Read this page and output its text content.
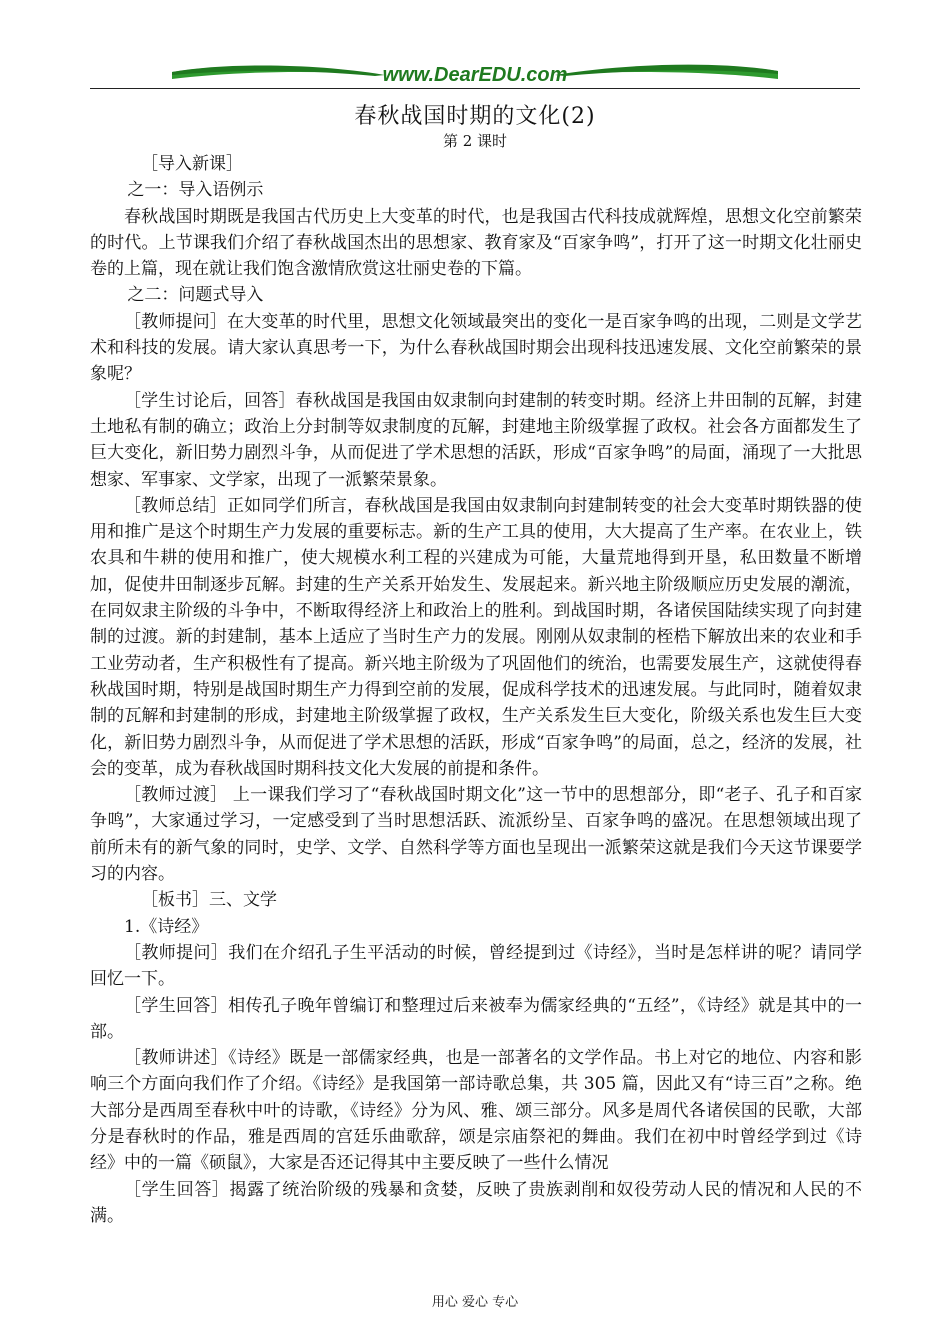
www.DearEDU.com
春秋战国时期的文化(2)
第 2 课时

［导入新课］

之一：导入语例示

春秋战国时期既是我国古代历史上大变革的时代，也是我国古代科技成就辉煌，思想文化空前繁荣的时代。上节课我们介绍了春秋战国杰出的思想家、教育家及“百家争鸣”，打开了这一时期文化壮丽史卷的上篇，现在就让我们饱含激情欣赏这壮丽史卷的下篇。

之二：问题式导入

［教师提问］在大变革的时代里，思想文化领域最突出的变化一是百家争鸣的出现，二则是文学艺术和科技的发展。请大家认真思考一下，为什么春秋战国时期会出现科技迅速发展、文化空前繁荣的景象呢？

［学生讨论后，回答］春秋战国是我国由奴隶制向封建制的转变时期。经济上井田制的瓦解，封建土地私有制的确立；政治上分封制等奴隶制度的瓦解，封建地主阶级掌握了政权。社会各方面都发生了巨大变化，新旧势力剧烈斗争，从而促进了学术思想的活跃，形成“百家争鸣”的局面，涌现了一大批思想家、军事家、文学家，出现了一派繁荣景象。

［教师总结］正如同学们所言，春秋战国是我国由奴隶制向封建制转变的社会大变革时期铁器的使用和推广是这个时期生产力发展的重要标志。新的生产工具的使用，大大提高了生产率。在农业上，铁农具和牛耕的使用和推广，使大规模水利工程的兴建成为可能，大量荒地得到开垦，私田数量不断增加，促使井田制逐步瓦解。封建的生产关系开始发生、发展起来。新兴地主阶级顺应历史发展的潮流，在同奴隶主阶级的斗争中，不断取得经济上和政治上的胜利。到战国时期，各诸侯国陆续实现了向封建制的过渡。新的封建制，基本上适应了当时生产力的发展。刚刚从奴隶制的桎梏下解放出来的农业和手工业劳动者，生产积极性有了提高。新兴地主阶级为了巩固他们的统治，也需要发展生产，这就使得春秋战国时期，特别是战国时期生产力得到空前的发展，促成科学技术的迅速发展。与此同时，随着奴隶制的瓦解和封建制的形成，封建地主阶级掌握了政权，生产关系发生巨大变化，阶级关系也发生巨大变化，新旧势力剧烈斗争，从而促进了学术思想的活跃，形成“百家争鸣”的局面，总之，经济的发展，社会的变革，成为春秋战国时期科技文化大发展的前提和条件。

［教师过渡］ 上一课我们学习了“春秋战国时期文化”这一节中的思想部分，即“老子、孔子和百家争鸣”，大家通过学习，一定感受到了当时思想活跃、流派纷呈、百家争鸣的盛况。在思想领域出现了前所未有的新气象的同时，史学、文学、自然科学等方面也呈现出一派繁荣这就是我们今天这节课要学习的内容。

［板书］三、文学

1.《诗经》

［教师提问］我们在介绍孔子生平活动的时候，曾经提到过《诗经》，当时是怎样讲的呢？请同学回忆一下。

［学生回答］相传孔子晚年曾编订和整理过后来被奉为儒家经典的“五经”，《诗经》就是其中的一部。

［教师讲述］《诗经》既是一部儒家经典，也是一部著名的文学作品。书上对它的地位、内容和影响三个方面向我们作了介绍。《诗经》是我国第一部诗歌总集，共 305 篇，因此又有“诗三百”之称。绝大部分是西周至春秋中叶的诗歌，《诗经》分为风、雅、颂三部分。风多是周代各诸侯国的民歌，大部分是春秋时的作品，雅是西周的宫廷乐曲歌辞，颂是宗庙祭祀的舞曲。我们在初中时曾经学到过《诗经》中的一篇《硕鼠》，大家是否还记得其中主要反映了一些什么情况

［学生回答］揭露了统治阶级的残暴和贪婪，反映了贵族剥削和奴役劳动人民的情况和人民的不满。

用心 爱心 专心
